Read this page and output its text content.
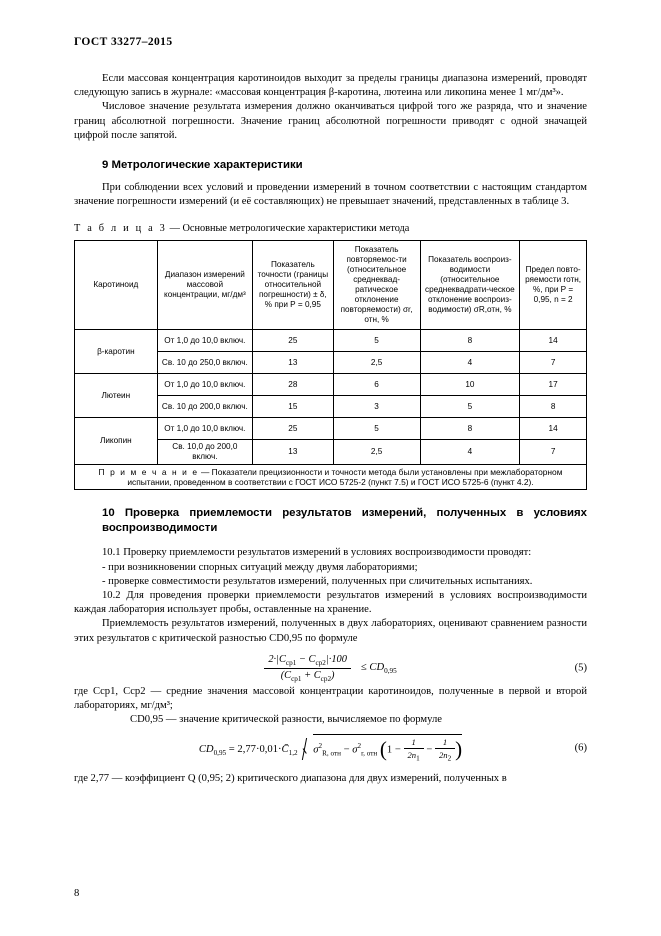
ГОСТ 33277–2015

Если массовая концентрация каротиноидов выходит за пределы границы диапазона измерений, проводят следующую запись в журнале: «массовая концентрация β-каротина, лютеина или ликопина менее 1 мг/дм³».

Числовое значение результата измерения должно оканчиваться цифрой того же разряда, что и значение границ абсолютной погрешности. Значение границ абсолютной погрешности приводят с одной значащей цифрой после запятой.

9 Метрологические характеристики

При соблюдении всех условий и проведении измерений в точном соответствии с настоящим стандартом значение погрешности измерений (и её составляющих) не превышает значений, представленных в таблице 3.

Т а б л и ц а 3 — Основные метрологические характеристики метода
Каротиноид	Диапазон измерений массовой концентрации, мг/дм³	Показатель точности (границы относительной погрешности) ± δ, % при Р = 0,95	Показатель повторяемос-ти (относительное среднеквад-ратическое отклонение повторяемости) σr, отн, %	Показатель воспроиз-водимости (относительное среднеквадрати-ческое отклонение воспроиз-водимости) σR,отн, %	Предел повто-ряемости rотн, %, при Р = 0,95, n = 2
β-каротин	От 1,0 до 10,0 включ.	25	5	8	14
	Св. 10 до 250,0 включ.	13	2,5	4	7
Лютеин	От 1,0 до 10,0 включ.	28	6	10	17
	Св. 10 до 200,0 включ.	15	3	5	8
Ликопин	От 1,0 до 10,0 включ.	25	5	8	14
	Св. 10,0 до 200,0 включ.	13	2,5	4	7
П р и м е ч а н и е — Показатели прецизионности и точности метода были установлены при межлабораторном испытании, проведенном в соответствии с ГОСТ ИСО 5725-2 (пункт 7.5) и ГОСТ ИСО 5725-6 (пункт 4.2).					
10 Проверка приемлемости результатов измерений, полученных в условиях воспроизводимости

10.1 Проверку приемлемости результатов измерений в условиях воспроизводимости проводят:

- при возникновении спорных ситуаций между двумя лабораториями;

- проверке совместимости результатов измерений, полученных при сличительных испытаниях.

10.2 Для проведения проверки приемлемости результатов измерений в условиях воспроизводимости каждая лаборатория использует пробы, оставленные на хранение.

Приемлемость результатов измерений, полученных в двух лабораториях, оценивают сравнением разности этих результатов с критической разностью CD0,95 по формуле

$\frac{2\cdot|C_{ср1} - C_{ср2}|\cdot 100}{(C_{ср1} + C_{ср2})} \le CD_{0,95}$	(5)

где Cср1, Cср2 — средние значения массовой концентрации каротиноидов, полученные в первой и второй лабораториях, мг/дм³;

CD0,95 — значение критической разности, вычисляемое по формуле

$CD_{0,95}$ = $2,77\cdot 0,01\cdot C̄_{1,2}$ $\sigma^2_{R, отн} - \sigma^2_{r, отн}$ ($1 - \frac{1}{2n_1} - \frac{1}{2n_2}$ )	(6)

где 2,77 — коэффициент Q (0,95; 2) критического диапазона для двух измерений, полученных в

8
